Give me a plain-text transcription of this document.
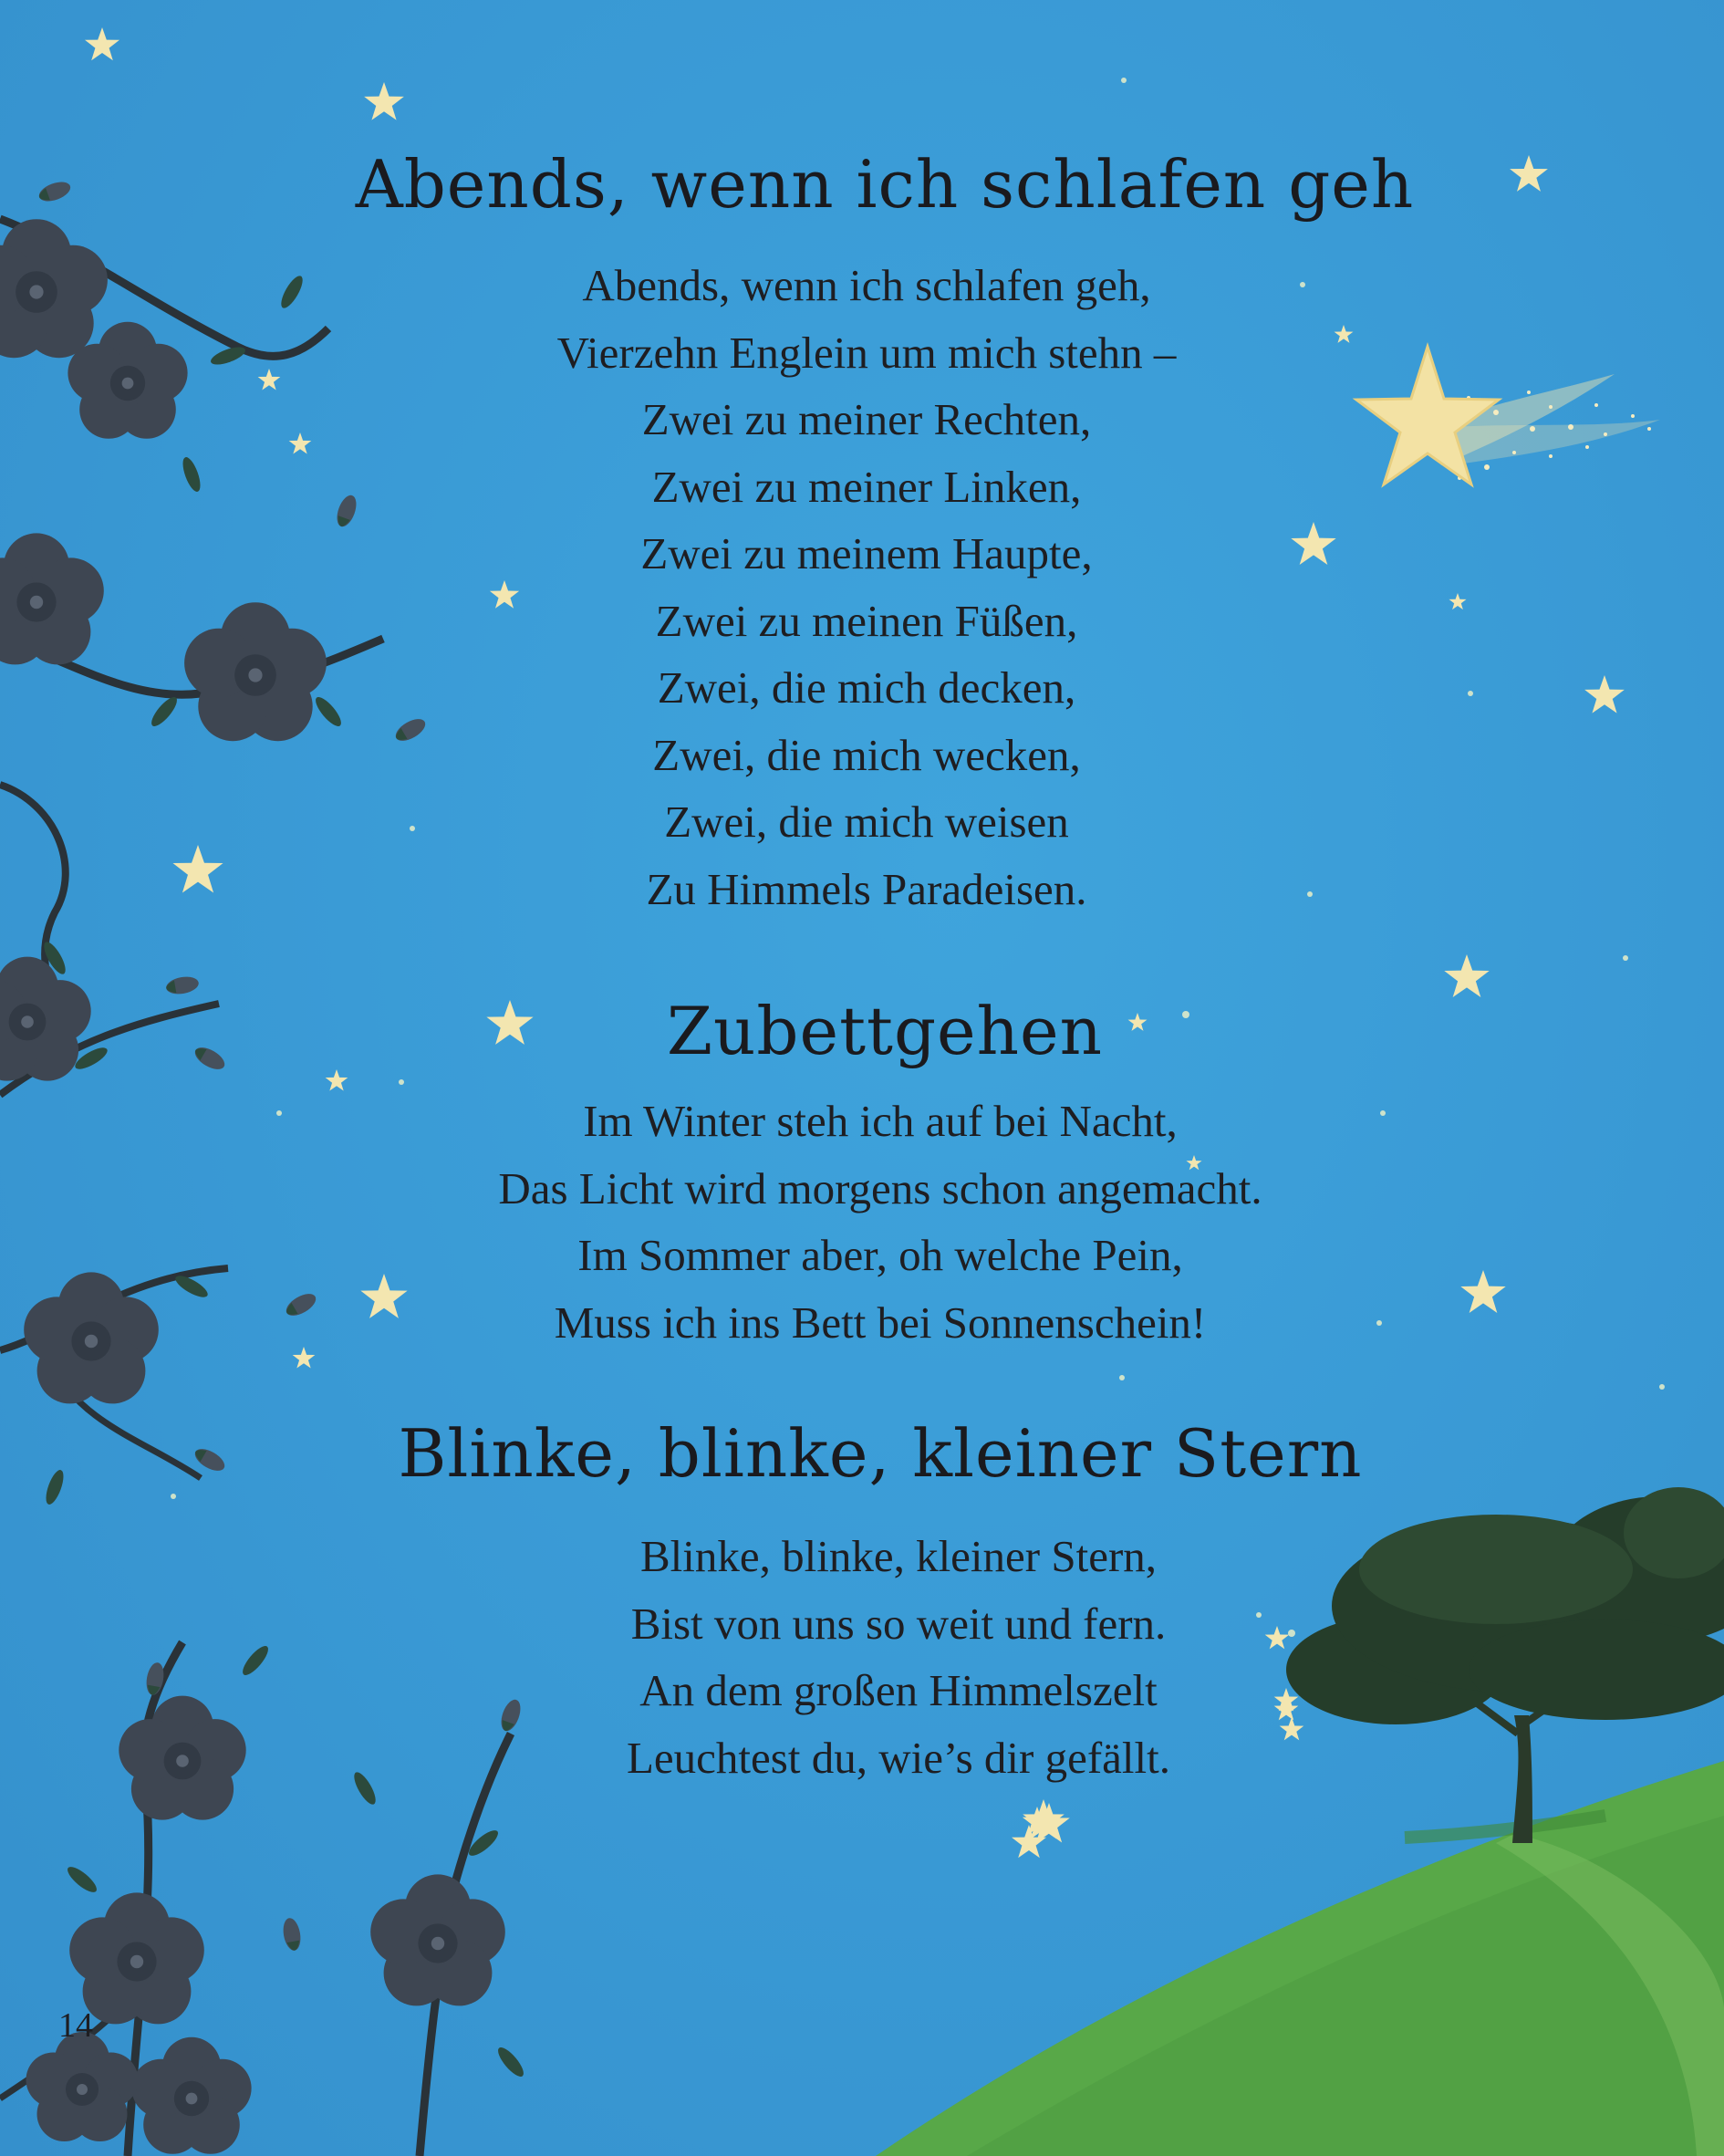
Abends, wenn ich schlafen geh
Abends, wenn ich schlafen geh,
Vierzehn Englein um mich stehn –
Zwei zu meiner Rechten,
Zwei zu meiner Linken,
Zwei zu meinem Haupte,
Zwei zu meinen Füßen,
Zwei, die mich decken,
Zwei, die mich wecken,
Zwei, die mich weisen
Zu Himmels Paradeisen.
Zubettgehen
Im Winter steh ich auf bei Nacht,
Das Licht wird morgens schon angemacht.
Im Sommer aber, oh welche Pein,
Muss ich ins Bett bei Sonnenschein!
Blinke, blinke, kleiner Stern
Blinke, blinke, kleiner Stern,
Bist von uns so weit und fern.
An dem großen Himmelszelt
Leuchtest du, wie’s dir gefällt.
14
